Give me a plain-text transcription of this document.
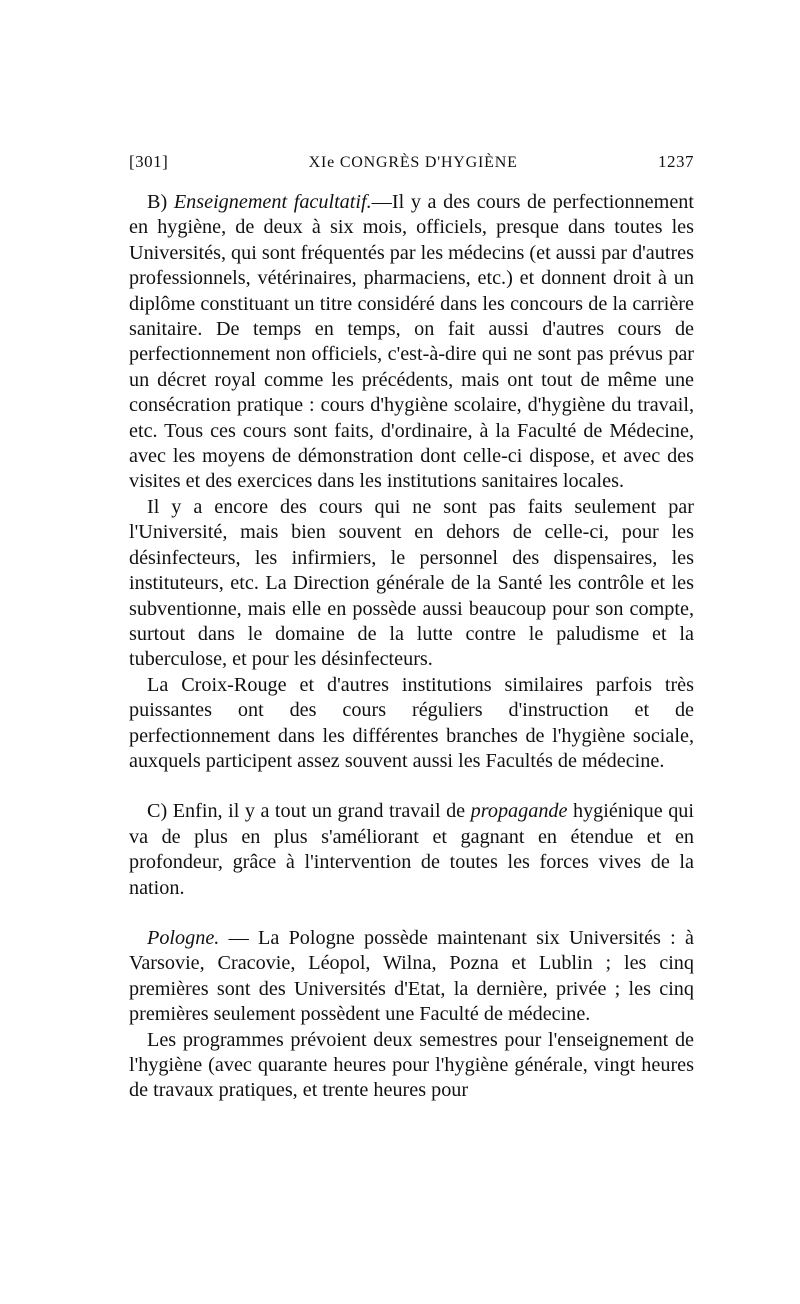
[301]	XIe CONGRÈS D'HYGIÈNE	1237

B) Enseignement facultatif.—Il y a des cours de perfectionnement en hygiène, de deux à six mois, officiels, presque dans toutes les Universités, qui sont fréquentés par les médecins (et aussi par d'autres professionnels, vétérinaires, pharmaciens, etc.) et donnent droit à un diplôme constituant un titre considéré dans les concours de la carrière sanitaire. De temps en temps, on fait aussi d'autres cours de perfectionnement non officiels, c'est-à-dire qui ne sont pas prévus par un décret royal comme les précédents, mais ont tout de même une consécration pratique : cours d'hygiène scolaire, d'hygiène du travail, etc. Tous ces cours sont faits, d'ordinaire, à la Faculté de Médecine, avec les moyens de démonstration dont celle-ci dispose, et avec des visites et des exercices dans les institutions sanitaires locales.

Il y a encore des cours qui ne sont pas faits seulement par l'Université, mais bien souvent en dehors de celle-ci, pour les désinfecteurs, les infirmiers, le personnel des dispensaires, les instituteurs, etc. La Direction générale de la Santé les contrôle et les subventionne, mais elle en possède aussi beaucoup pour son compte, surtout dans le domaine de la lutte contre le paludisme et la tuberculose, et pour les désinfecteurs.

La Croix-Rouge et d'autres institutions similaires parfois très puissantes ont des cours réguliers d'instruction et de perfectionnement dans les différentes branches de l'hygiène sociale, auxquels participent assez souvent aussi les Facultés de médecine.

C) Enfin, il y a tout un grand travail de propagande hygiénique qui va de plus en plus s'améliorant et gagnant en étendue et en profondeur, grâce à l'intervention de toutes les forces vives de la nation.

Pologne. — La Pologne possède maintenant six Universités : à Varsovie, Cracovie, Léopol, Wilna, Pozna et Lublin ; les cinq premières sont des Universités d'Etat, la dernière, privée ; les cinq premières seulement possèdent une Faculté de médecine.

Les programmes prévoient deux semestres pour l'enseignement de l'hygiène (avec quarante heures pour l'hygiène générale, vingt heures de travaux pratiques, et trente heures pour
